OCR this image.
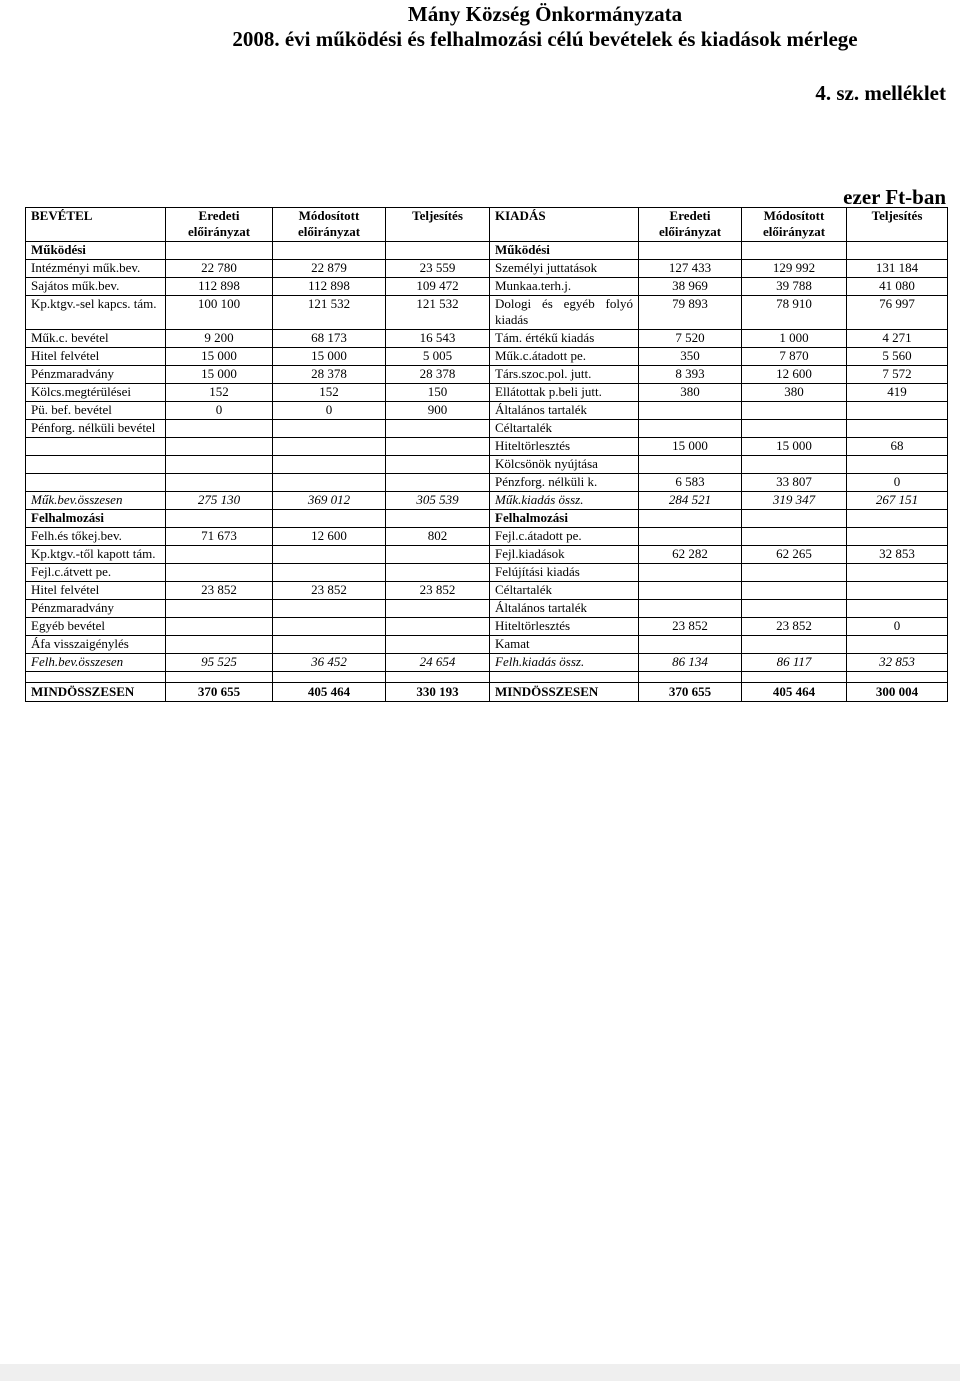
Mány Község Önkormányzata
2008. évi működési és felhalmozási célú bevételek és kiadások mérlege
4. sz. melléklet
ezer Ft-ban
BEVÉTEL	Eredeti előirányzat	Módosított előirányzat	Teljesítés	KIADÁS	Eredeti előirányzat	Módosított előirányzat	Teljesítés
Működési				Működési			
Intézményi műk.bev.	22 780	22 879	23 559	Személyi juttatások	127 433	129 992	131 184
Sajátos műk.bev.	112 898	112 898	109 472	Munkaa.terh.j.	38 969	39 788	41 080
Kp.ktgv.-sel kapcs. tám.	100 100	121 532	121 532	Dologi és egyéb folyó kiadás	79 893	78 910	76 997
Műk.c. bevétel	9 200	68 173	16 543	Tám. értékű kiadás	7 520	1 000	4 271
Hitel felvétel	15 000	15 000	5 005	Műk.c.átadott pe.	350	7 870	5 560
Pénzmaradvány	15 000	28 378	28 378	Társ.szoc.pol. jutt.	8 393	12 600	7 572
Kölcs.megtérülései	152	152	150	Ellátottak p.beli jutt.	380	380	419
Pü. bef. bevétel	0	0	900	Általános tartalék			
Pénforg. nélküli bevétel				Céltartalék			
				Hiteltörlesztés	15 000	15 000	68
				Kölcsönök nyújtása			
				Pénzforg. nélküli k.	6 583	33 807	0
Műk.bev.összesen	275 130	369 012	305 539	Műk.kiadás össz.	284 521	319 347	267 151
Felhalmozási				Felhalmozási			
Felh.és tőkej.bev.	71 673	12 600	802	Fejl.c.átadott pe.			
Kp.ktgv.-től kapott tám.				Fejl.kiadások	62 282	62 265	32 853
Fejl.c.átvett pe.				Felújítási kiadás			
Hitel felvétel	23 852	23 852	23 852	Céltartalék			
Pénzmaradvány				Általános tartalék			
Egyéb bevétel				Hiteltörlesztés	23 852	23 852	0
Áfa visszaigénylés				Kamat			
Felh.bev.összesen	95 525	36 452	24 654	Felh.kiadás össz.	86 134	86 117	32 853

MINDÖSSZESEN	370 655	405 464	330 193	MINDÖSSZESEN	370 655	405 464	300 004
